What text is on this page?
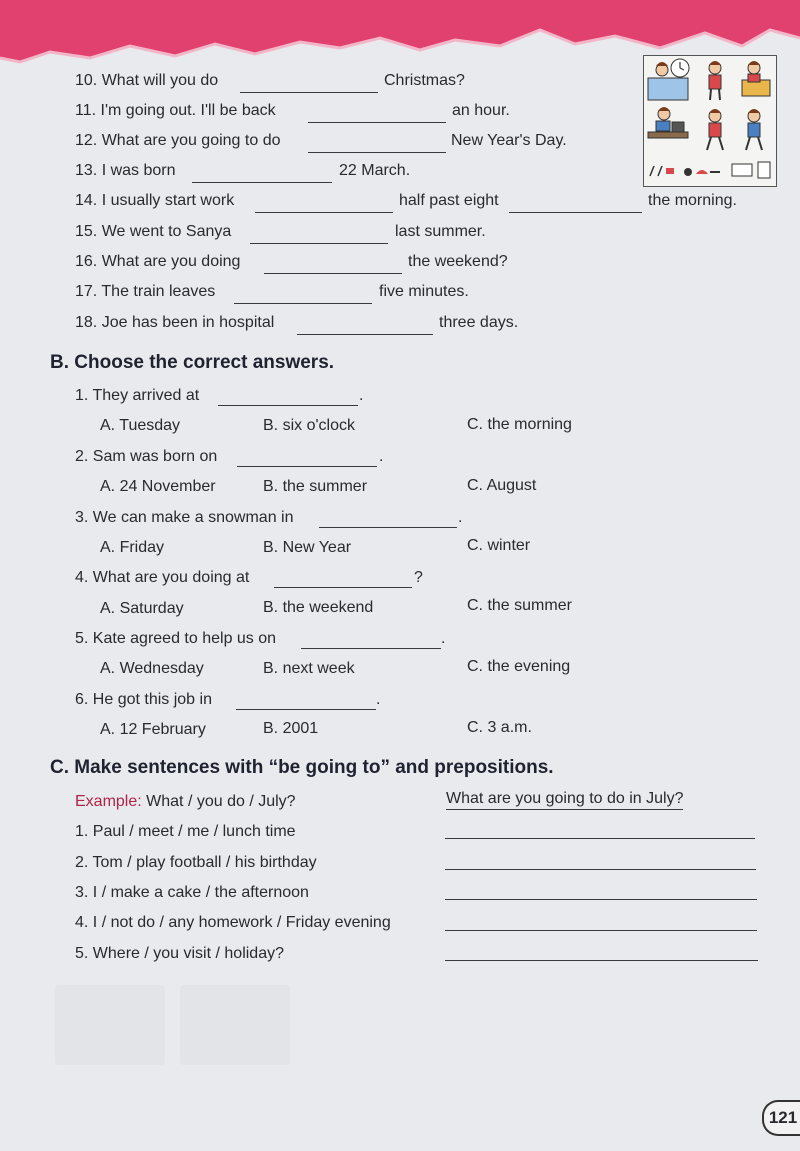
10. What will you do	Christmas?
11. I'm going out. I'll be back	an hour.
12. What are you going to do	New Year's Day.
13. I was born	22 March.
14. I usually start work	half past eight	the morning.
15. We went to Sanya	last summer.
16. What are you doing	the weekend?
17. The train leaves	five minutes.
18. Joe has been in hospital	three days.
B. Choose the correct answers.
1. They arrived at	.
A. Tuesday	B. six o'clock	C. the morning
2. Sam was born on	.
A. 24 November	B. the summer	C. August
3. We can make a snowman in	.
A. Friday	B. New Year	C. winter
4. What are you doing at	?
A. Saturday	B. the weekend	C. the summer
5. Kate agreed to help us on	.
A. Wednesday	B. next week	C. the evening
6. He got this job in	.
A. 12 February	B. 2001	C. 3 a.m.
C. Make sentences with “be going to” and prepositions.
Example: What / you do / July?	What are you going to do in July?
1. Paul / meet / me / lunch time
2. Tom / play football / his birthday
3. I / make a cake / the afternoon
4. I / not do / any homework / Friday evening
5. Where / you visit / holiday?
121
